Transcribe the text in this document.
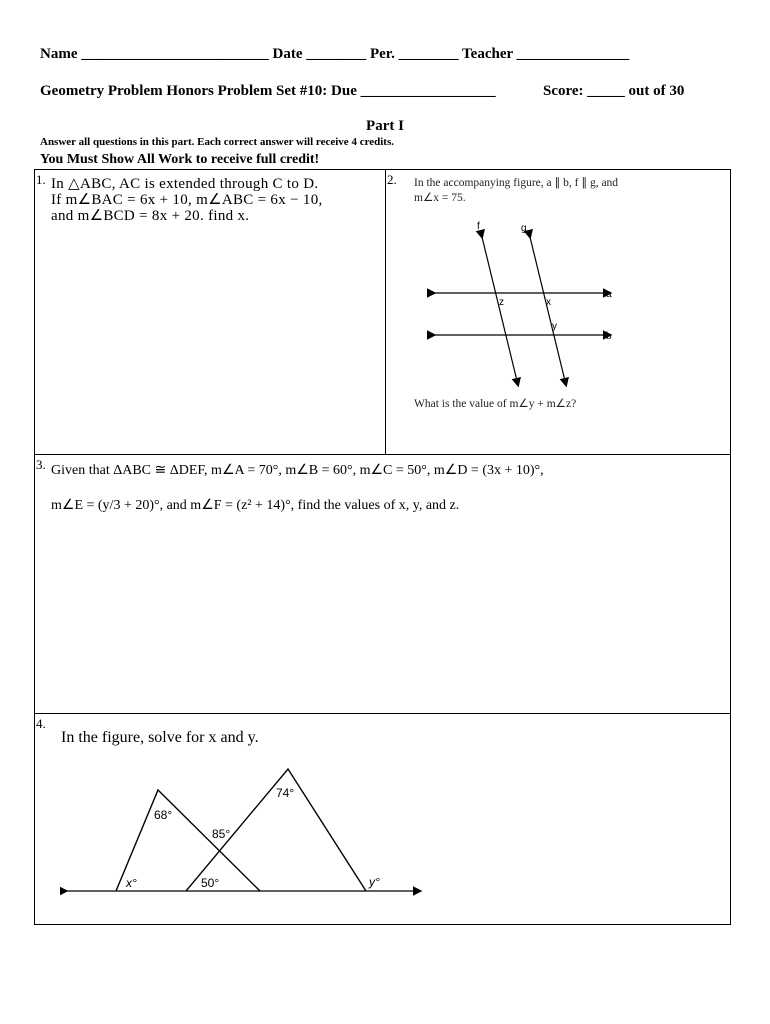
Name _________________________ Date ________ Per. ________ Teacher _______________
Geometry Problem Honors Problem Set #10: Due __________________	Score: _____ out of 30
Part I
Answer all questions in this part. Each correct answer will receive 4 credits.
You Must Show All Work to receive full credit!
1. In △ABC, AC is extended through C to D.
If m∠BAC = 6x + 10, m∠ABC = 6x − 10,
and m∠BCD = 8x + 20. find x.
2. In the accompanying figure, a ∥ b, f ∥ g, and
m∠x = 75.
f	g
a
b
z	x
y
What is the value of m∠y + m∠z?
3. Given that ΔABC ≅ ΔDEF, m∠A = 70°, m∠B = 60°, m∠C = 50°, m∠D = (3x + 10)°,
m∠E = (y/3 + 20)°, and m∠F = (z² + 14)°, find the values of x, y, and z.
4.
In the figure, solve for x and y.
68°
85°
74°
x°	50°	y°
